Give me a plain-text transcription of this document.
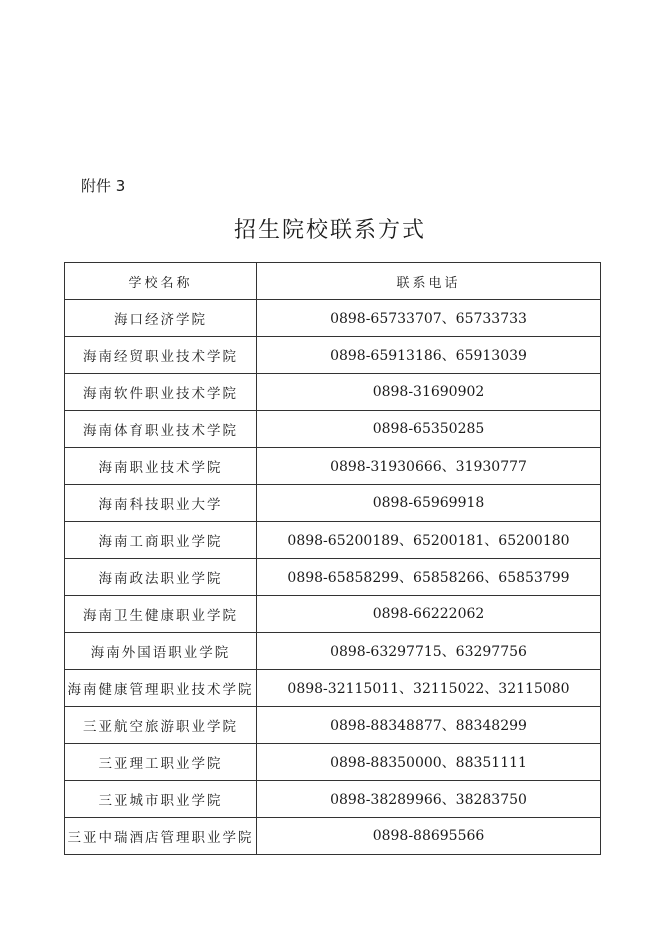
附件 3
招生院校联系方式
学校名称	联系电话
海口经济学院	0898-65733707、65733733
海南经贸职业技术学院	0898-65913186、65913039
海南软件职业技术学院	0898-31690902
海南体育职业技术学院	0898-65350285
海南职业技术学院	0898-31930666、31930777
海南科技职业大学	0898-65969918
海南工商职业学院	0898-65200189、65200181、65200180
海南政法职业学院	0898-65858299、65858266、65853799
海南卫生健康职业学院	0898-66222062
海南外国语职业学院	0898-63297715、63297756
海南健康管理职业技术学院	0898-32115011、32115022、32115080
三亚航空旅游职业学院	0898-88348877、88348299
三亚理工职业学院	0898-88350000、88351111
三亚城市职业学院	0898-38289966、38283750
三亚中瑞酒店管理职业学院	0898-88695566
